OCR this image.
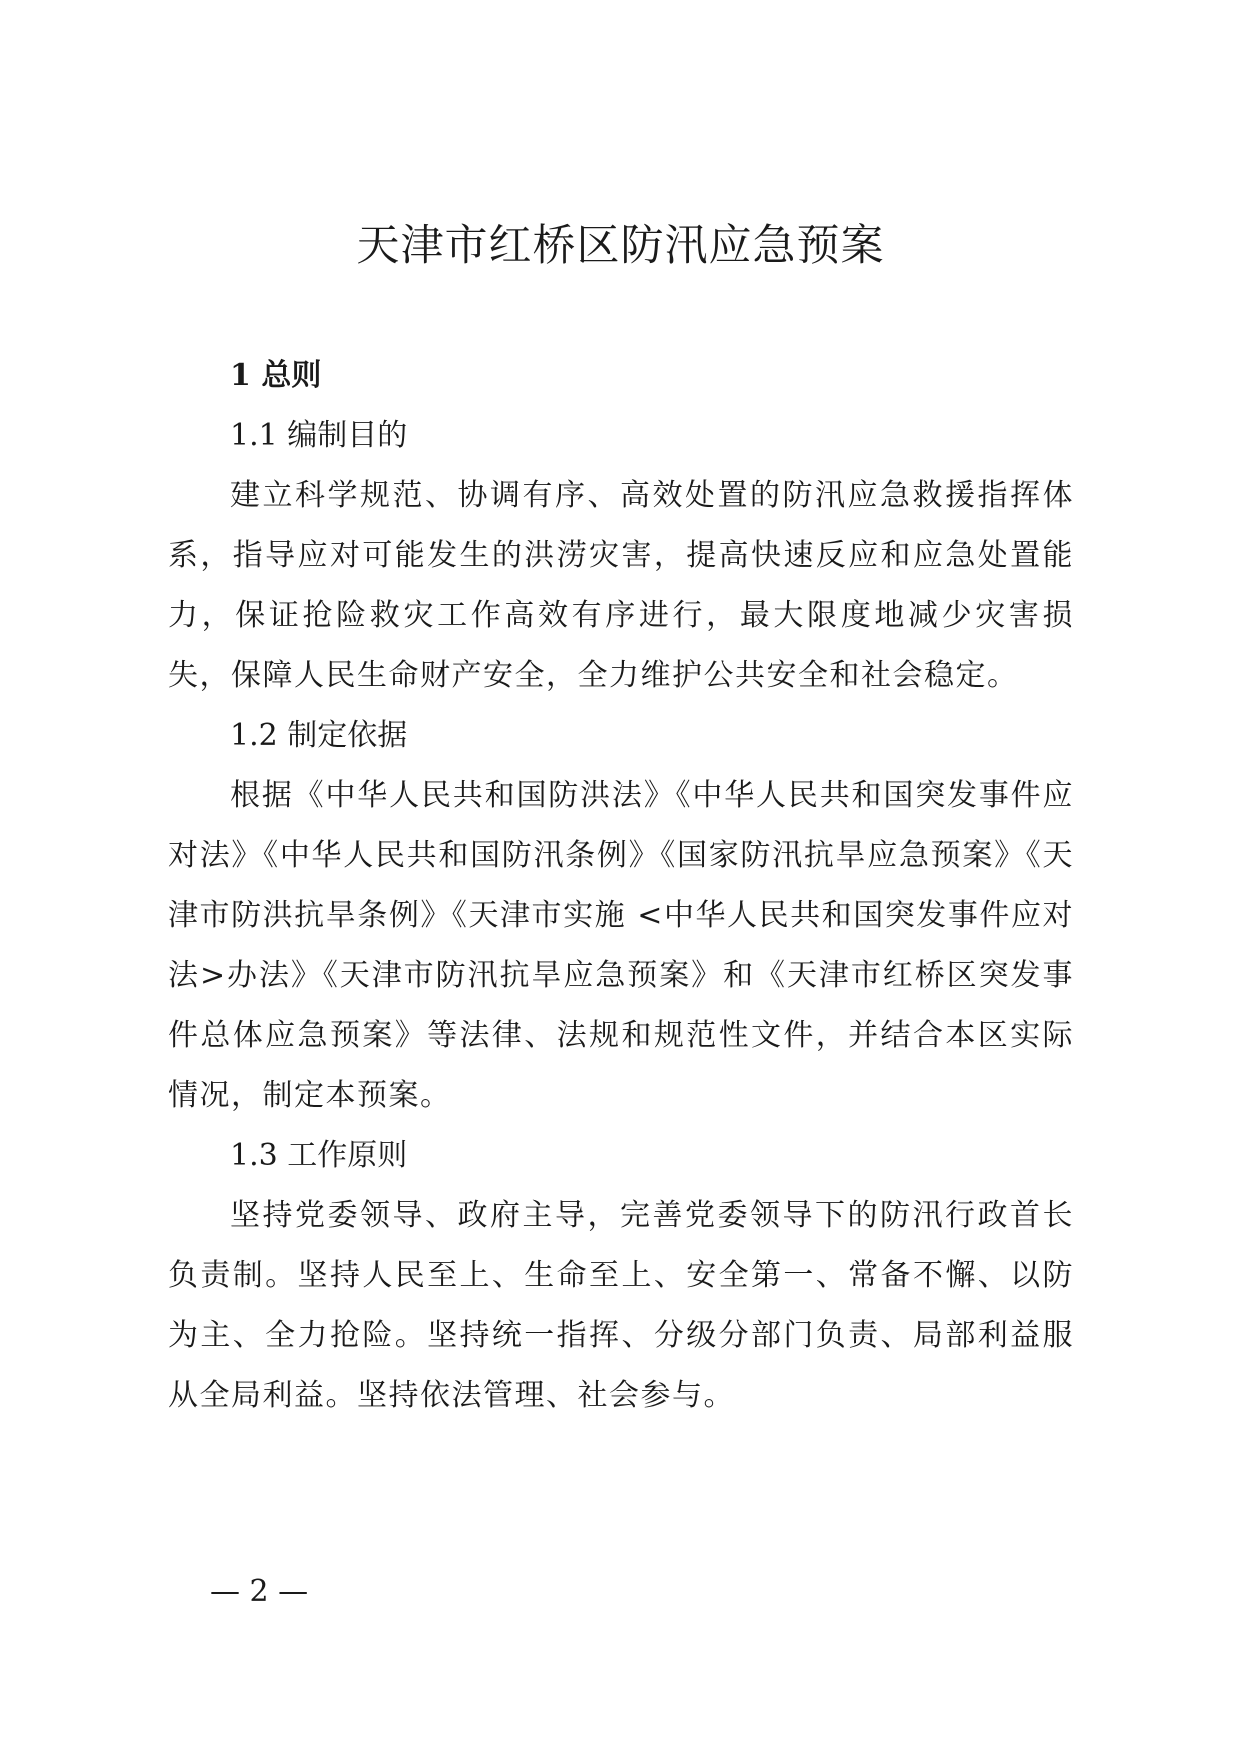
天津市红桥区防汛应急预案
1 总则
1.1 编制目的

建立科学规范、协调有序、高效处置的防汛应急救援指挥体系，指导应对可能发生的洪涝灾害，提高快速反应和应急处置能力，保证抢险救灾工作高效有序进行，最大限度地减少灾害损失，保障人民生命财产安全，全力维护公共安全和社会稳定。

1.2 制定依据

根据《中华人民共和国防洪法》《中华人民共和国突发事件应对法》《中华人民共和国防汛条例》《国家防汛抗旱应急预案》《天津市防洪抗旱条例》《天津市实施 <中华人民共和国突发事件应对法>办法》《天津市防汛抗旱应急预案》和《天津市红桥区突发事件总体应急预案》等法律、法规和规范性文件，并结合本区实际情况，制定本预案。

1.3 工作原则

坚持党委领导、政府主导，完善党委领导下的防汛行政首长负责制。坚持人民至上、生命至上、安全第一、常备不懈、以防为主、全力抢险。坚持统一指挥、分级分部门负责、局部利益服从全局利益。坚持依法管理、社会参与。

— 2 —
